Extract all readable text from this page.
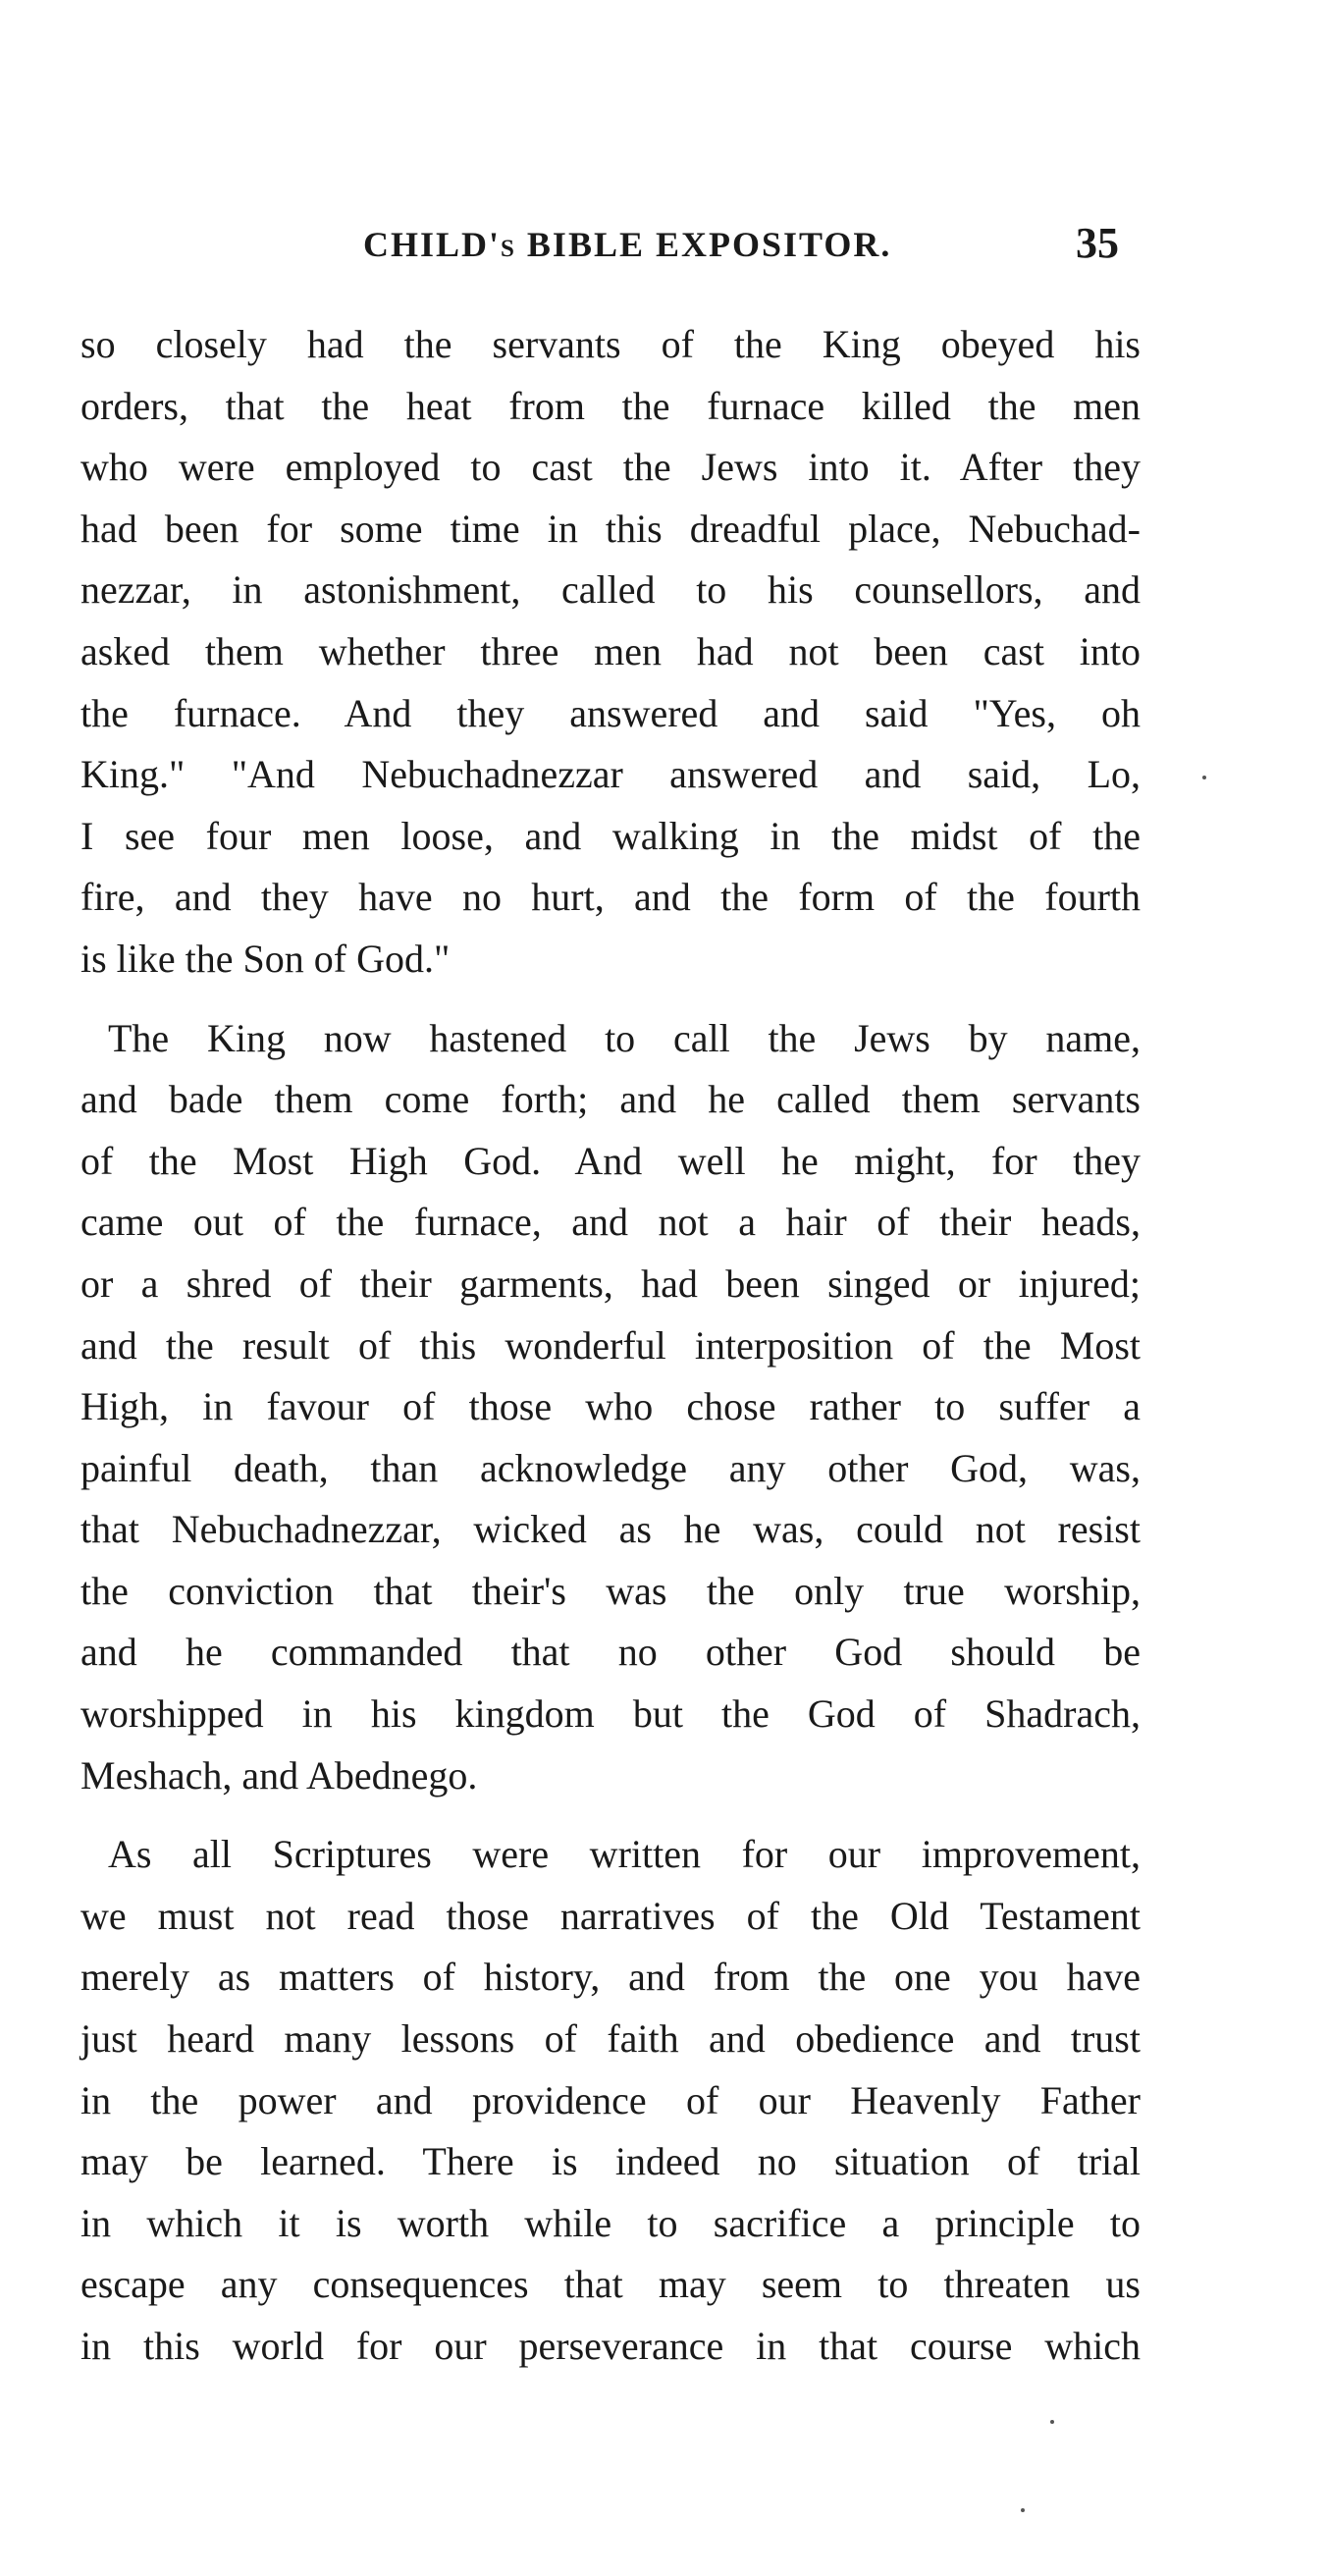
CHILD's BIBLE EXPOSITOR.	35
so closely had the servants of the King obeyed his
orders, that the heat from the furnace killed the men
who were employed to cast the Jews into it. After they
had been for some time in this dreadful place, Nebuchad-
nezzar, in astonishment, called to his counsellors, and
asked them whether three men had not been cast into
the furnace. And they answered and said "Yes, oh
King." "And Nebuchadnezzar answered and said, Lo,
I see four men loose, and walking in the midst of the
fire, and they have no hurt, and the form of the fourth
is like the Son of God."
The King now hastened to call the Jews by name,
and bade them come forth; and he called them servants
of the Most High God. And well he might, for they
came out of the furnace, and not a hair of their heads,
or a shred of their garments, had been singed or injured;
and the result of this wonderful interposition of the Most
High, in favour of those who chose rather to suffer a
painful death, than acknowledge any other God, was,
that Nebuchadnezzar, wicked as he was, could not resist
the conviction that their's was the only true worship,
and he commanded that no other God should be
worshipped in his kingdom but the God of Shadrach,
Meshach, and Abednego.
As all Scriptures were written for our improvement,
we must not read those narratives of the Old Testament
merely as matters of history, and from the one you have
just heard many lessons of faith and obedience and trust
in the power and providence of our Heavenly Father
may be learned. There is indeed no situation of trial
in which it is worth while to sacrifice a principle to
escape any consequences that may seem to threaten us
in this world for our perseverance in that course which
